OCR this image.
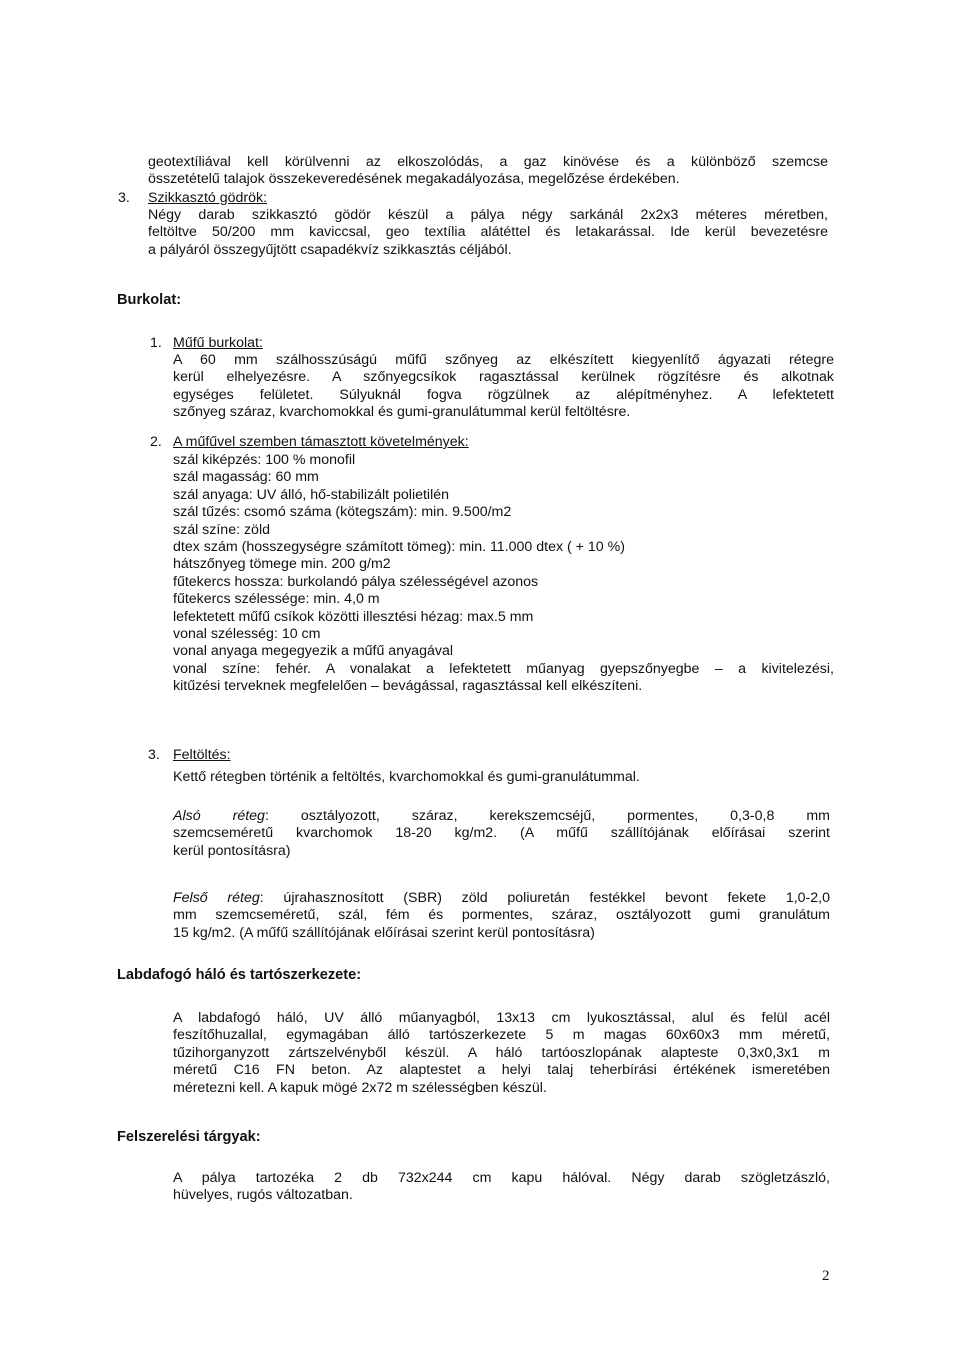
geotextíliával kell körülvenni az elkoszolódás, a gaz kinövése és a különböző szemcse
összetételű talajok összekeveredésének megakadályozása, megelőzése érdekében.
3. Szikkasztó gödrök:
Négy darab szikkasztó gödör készül a pálya négy sarkánál 2x2x3 méteres méretben,
feltöltve 50/200 mm kaviccsal, geo textília alátéttel és letakarással. Ide kerül bevezetésre
a pályáról összegyűjtött csapadékvíz szikkasztás céljából.
Burkolat:
1. Műfű burkolat:
A 60 mm szálhosszúságú műfű szőnyeg az elkészített kiegyenlítő ágyazati rétegre
kerül elhelyezésre. A szőnyegcsíkok ragasztással kerülnek rögzítésre és alkotnak
egységes felületet. Súlyuknál fogva rögzülnek az alépítményhez. A lefektetett
szőnyeg száraz, kvarchomokkal és gumi-granulátummal kerül feltöltésre.
2. A műfűvel szemben támasztott követelmények:
szál kiképzés: 100 % monofil
szál magasság: 60 mm
szál anyaga: UV álló, hő-stabilizált polietilén
szál tűzés: csomó száma (kötegszám): min. 9.500/m2
szál színe: zöld
dtex szám (hosszegységre számított tömeg): min. 11.000 dtex ( + 10 %)
hátszőnyeg tömege min. 200 g/m2
fűtekercs hossza: burkolandó pálya szélességével azonos
fűtekercs szélessége: min. 4,0 m
lefektetett műfű csíkok közötti illesztési hézag: max.5 mm
vonal szélesség: 10 cm
vonal anyaga megegyezik a műfű anyagával
vonal színe: fehér. A vonalakat a lefektetett műanyag gyepszőnyegbe – a kivitelezési,
kitűzési terveknek megfelelően – bevágással, ragasztással kell elkészíteni.
3. Feltöltés:
Kettő rétegben történik a feltöltés, kvarchomokkal és gumi-granulátummal.
Alsó réteg: osztályozott, száraz, kerekszemcséjű, pormentes, 0,3-0,8 mm
szemcseméretű kvarchomok 18-20 kg/m2. (A műfű szállítójának előírásai szerint
kerül pontosításra)
Felső réteg: újrahasznosított (SBR) zöld poliuretán festékkel bevont fekete 1,0-2,0
mm szemcseméretű, szál, fém és pormentes, száraz, osztályozott gumi granulátum
15 kg/m2. (A műfű szállítójának előírásai szerint kerül pontosításra)
Labdafogó háló és tartószerkezete:
A labdafogó háló, UV álló műanyagból, 13x13 cm lyukosztással, alul és felül acél
feszítőhuzallal, egymagában álló tartószerkezete 5 m magas 60x60x3 mm méretű,
tűzihorganyzott zártszelvényből készül. A háló tartóoszlopának alapteste 0,3x0,3x1 m
méretű C16 FN beton. Az alaptestet a helyi talaj teherbírási értékének ismeretében
méretezni kell. A kapuk mögé 2x72 m szélességben készül.
Felszerelési tárgyak:
A pálya tartozéka 2 db 732x244 cm kapu hálóval. Négy darab szögletzászló,
hüvelyes, rugós változatban.
2
